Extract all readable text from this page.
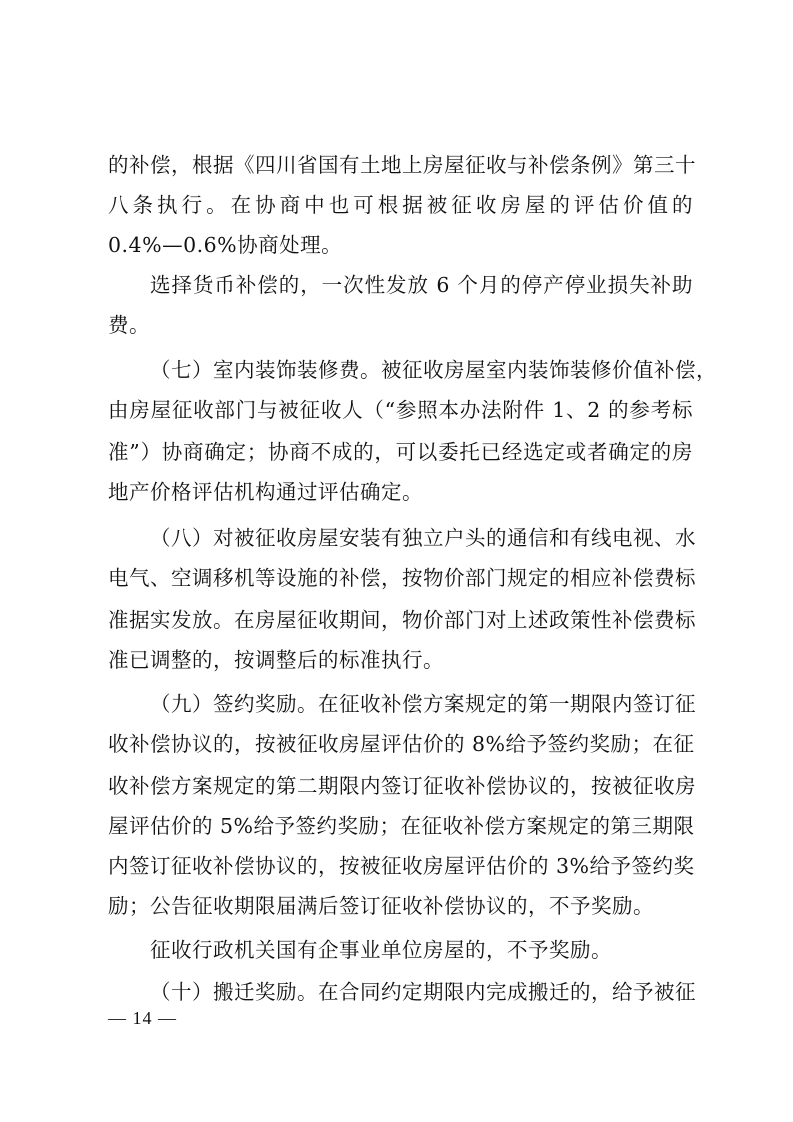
的补偿，根据《四川省国有土地上房屋征收与补偿条例》第三十
八条执行。在协商中也可根据被征收房屋的评估价值的
0.4%—0.6%协商处理。
选择货币补偿的，一次性发放 6 个月的停产停业损失补助
费。
（七）室内装饰装修费。被征收房屋室内装饰装修价值补偿，
由房屋征收部门与被征收人（“参照本办法附件 1、2 的参考标
准”）协商确定；协商不成的，可以委托已经选定或者确定的房
地产价格评估机构通过评估确定。
（八）对被征收房屋安装有独立户头的通信和有线电视、水
电气、空调移机等设施的补偿，按物价部门规定的相应补偿费标
准据实发放。在房屋征收期间，物价部门对上述政策性补偿费标
准已调整的，按调整后的标准执行。
（九）签约奖励。在征收补偿方案规定的第一期限内签订征
收补偿协议的，按被征收房屋评估价的 8%给予签约奖励；在征
收补偿方案规定的第二期限内签订征收补偿协议的，按被征收房
屋评估价的 5%给予签约奖励；在征收补偿方案规定的第三期限
内签订征收补偿协议的，按被征收房屋评估价的 3%给予签约奖
励；公告征收期限届满后签订征收补偿协议的，不予奖励。
征收行政机关国有企事业单位房屋的，不予奖励。
（十）搬迁奖励。在合同约定期限内完成搬迁的，给予被征
— 14 —
